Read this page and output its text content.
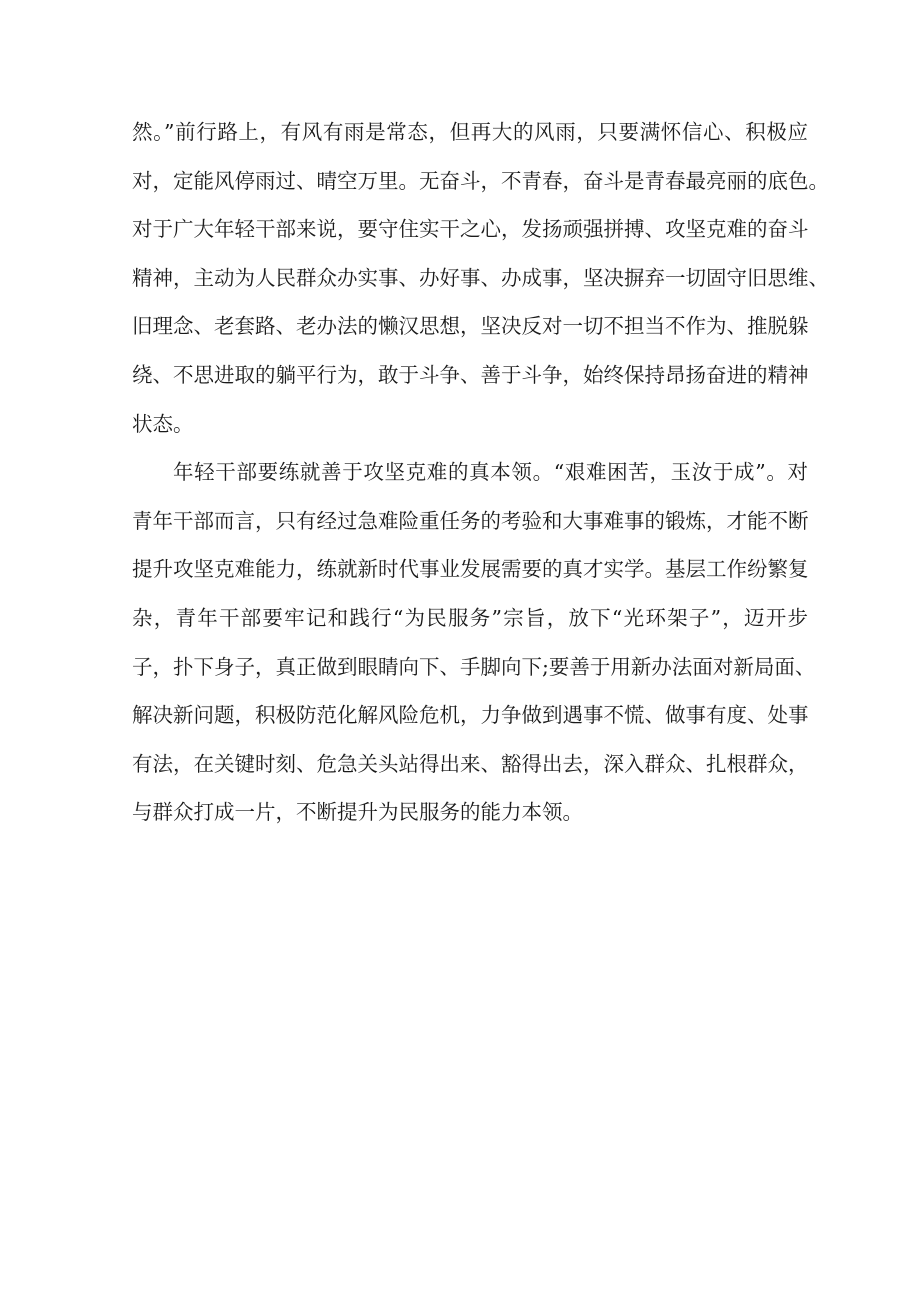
然。”前行路上，有风有雨是常态，但再大的风雨，只要满怀信心、积极应
对，定能风停雨过、晴空万里。无奋斗，不青春，奋斗是青春最亮丽的底色。
对于广大年轻干部来说，要守住实干之心，发扬顽强拼搏、攻坚克难的奋斗
精神，主动为人民群众办实事、办好事、办成事，坚决摒弃一切固守旧思维、
旧理念、老套路、老办法的懒汉思想，坚决反对一切不担当不作为、推脱躲
绕、不思进取的躺平行为，敢于斗争、善于斗争，始终保持昂扬奋进的精神
状态。
年轻干部要练就善于攻坚克难的真本领。“艰难困苦，玉汝于成”。对
青年干部而言，只有经过急难险重任务的考验和大事难事的锻炼，才能不断
提升攻坚克难能力，练就新时代事业发展需要的真才实学。基层工作纷繁复
杂，青年干部要牢记和践行“为民服务”宗旨，放下“光环架子”，迈开步
子，扑下身子，真正做到眼睛向下、手脚向下;要善于用新办法面对新局面、
解决新问题，积极防范化解风险危机，力争做到遇事不慌、做事有度、处事
有法，在关键时刻、危急关头站得出来、豁得出去，深入群众、扎根群众，
与群众打成一片，不断提升为民服务的能力本领。
